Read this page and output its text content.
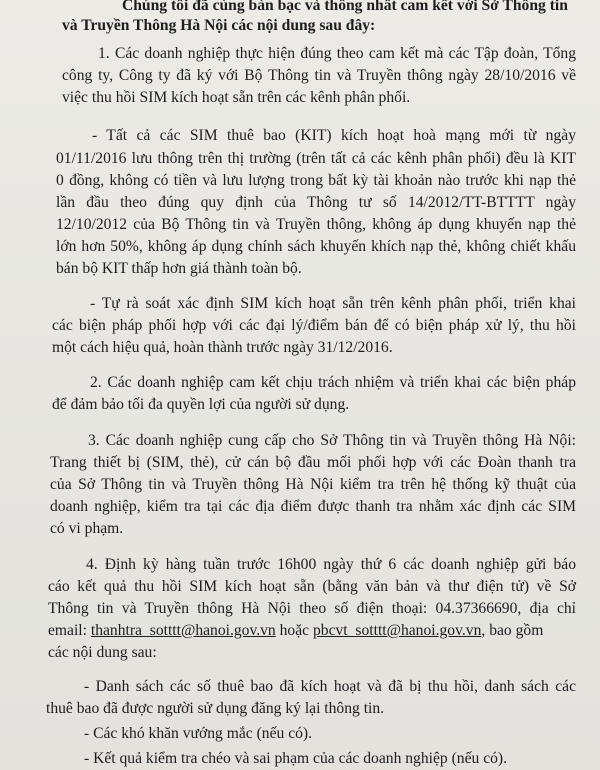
Chúng tôi đã cùng bàn bạc và thống nhất cam kết với Sở Thông tin
và Truyền Thông Hà Nội các nội dung sau đây:
1. Các doanh nghiệp thực hiện đúng theo cam kết mà các Tập đoàn, Tổng
công ty, Công ty đã ký với Bộ Thông tin và Truyền thông ngày 28/10/2016 về
việc thu hồi SIM kích hoạt sẵn trên các kênh phân phối.
- Tất cả các SIM thuê bao (KIT) kích hoạt hoà mạng mới từ ngày
01/11/2016 lưu thông trên thị trường (trên tất cả các kênh phân phối) đều là KIT
0 đồng, không có tiền và lưu lượng trong bất kỳ tài khoản nào trước khi nạp thẻ
lần đầu theo đúng quy định của Thông tư số 14/2012/TT-BTTTT ngày
12/10/2012 của Bộ Thông tin và Truyền thông, không áp dụng khuyến nạp thẻ
lớn hơn 50%, không áp dụng chính sách khuyến khích nạp thẻ, không chiết khấu
bán bộ KIT thấp hơn giá thành toàn bộ.
- Tự rà soát xác định SIM kích hoạt sẵn trên kênh phân phối, triển khai
các biện pháp phối hợp với các đại lý/điểm bán để có biện pháp xử lý, thu hồi
một cách hiệu quả, hoàn thành trước ngày 31/12/2016.
2. Các doanh nghiệp cam kết chịu trách nhiệm và triển khai các biện pháp
để đảm bảo tối đa quyền lợi của người sử dụng.
3. Các doanh nghiệp cung cấp cho Sở Thông tin và Truyền thông Hà Nội:
Trang thiết bị (SIM, thẻ), cử cán bộ đầu mối phối hợp với các Đoàn thanh tra
của Sở Thông tin và Truyền thông Hà Nội kiểm tra trên hệ thống kỹ thuật của
doanh nghiệp, kiểm tra tại các địa điểm được thanh tra nhằm xác định các SIM
có vi phạm.
4. Định kỳ hàng tuần trước 16h00 ngày thứ 6 các doanh nghiệp gửi báo
cáo kết quả thu hồi SIM kích hoạt sẵn (bằng văn bản và thư điện tử) về Sở
Thông tin và Truyền thông Hà Nội theo số điện thoại: 04.37366690, địa chỉ
email: thanhtra_sotttt@hanoi.gov.vn hoặc pbcvt_sotttt@hanoi.gov.vn, bao gồm
các nội dung sau:
- Danh sách các số thuê bao đã kích hoạt và đã bị thu hồi, danh sách các
thuê bao đã được người sử dụng đăng ký lại thông tin.
- Các khó khăn vướng mắc (nếu có).
- Kết quả kiểm tra chéo và sai phạm của các doanh nghiệp (nếu có).
